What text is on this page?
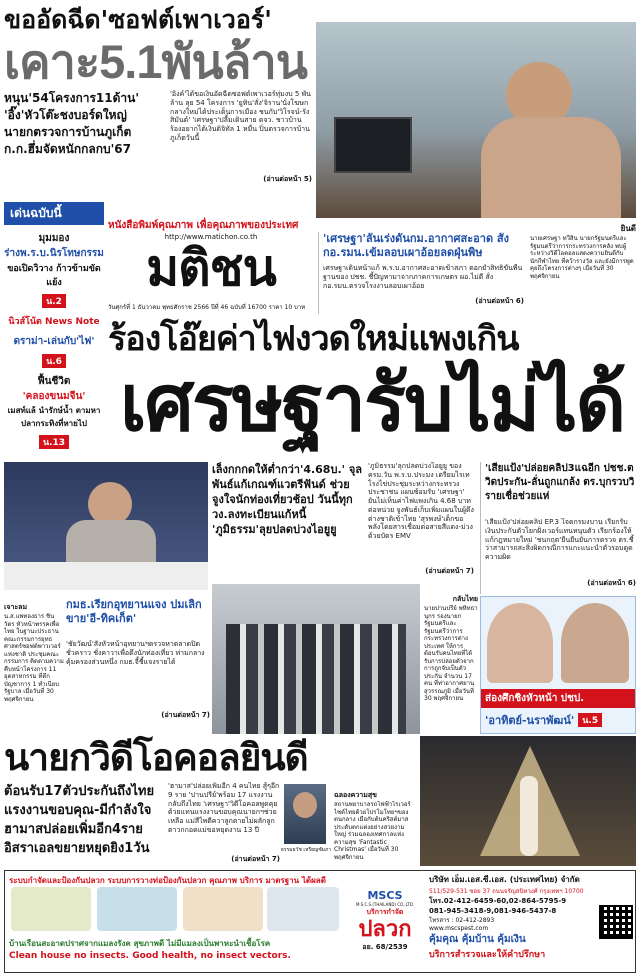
ขออัดฉีด'ซอฟต์เพาเวอร์'
เคาะ5.1พันล้าน
หนุน'54โครงการ11ด้าน'
'อิ๊ง'หัวโต๊ะชงบอร์ดใหญ่
นายกตรวจการบ้านภูเก็ต
ก.ก.ฮึ่มจัดหนักกลกบ'67
'อิ๊งค์'ได้ขอเงินอัดฉีดซอฟต์เพาเวอร์ทุ่มงบ 5 พันล้าน ลุย 54 โครงการ 'ยูทิน'สั่ง'จิราน'นั่งโฆษก กลางใหม่ได้ประเด็นการเมือง ชนกับ'วิโรจน์-รังสิมันต์' 'เศรษฐา'ปลื้มเดินสาย ตจว. ชาวบ้าน ร้องอยากได้เงินดิจิทัล 1 หมื่น ปิ่นตรวจการบ้าน ภูเก็ตวันนี้
(อ่านต่อหน้า 5)
เด่นฉบับนี้
มุมมอง
ร่างพ.ร.บ.นิรโทษกรรม
ขอเปิดวิวาง ก้าวข้ามขัดแย้ง
น.2
นิวส์โน้ต News Note
ดราม่า-เล่นกับ'ไฟ'
น.6
ฟื้นชีวิต
'คลองขนมจีน'
เมสท์แล้ นำรักษ์น้ำ ตามหาปลากระทิงที่หายไป
น.13
หนังสือพิมพ์คุณภาพ เพื่อคุณภาพของประเทศ
http://www.matichon.co.th
มติชน
วันศุกร์ที่ 1 ธันวาคม พุทธศักราช 2566 ปีที่ 46 ฉบับที่ 16700 ราคา 10 บาท
'เศรษฐา'ลั่นเร่งดันกม.อากาศสะอาด สั่งกอ.รมน.เข้มลอบเผาอ้อยลดฝุ่นพิษ
เศรษฐาเดินหน้าแก้ พ.ร.บ.อากาศสะอาดเข้าสภา ตอกย้ำสิทธิขั้นพื้นฐานของ ปชช. ชี้ปัญหามาจากภาคการเกษตร ผอ.ไม่ดี สั่ง กอ.รมน.ตรวจโรงงานลอบเผาอ้อย
(อ่านต่อหน้า 6)
ยินดี
นายเศรษฐา ทวีสิน นายกรัฐมนตรีและรัฐมนตรีว่าการกระทรวงการคลัง พบผู้ระหว่างวิดีโอคอลแสดงความยินดีกับนักกีฬาไทย ที่คว้ารางวัล และยังมีการพูดคุยถึงโครงการต่างๆ เมื่อวันที่ 30 พฤศจิกายน
ร้องโอ๊ยค่าไฟงวดใหม่แพงเกิน
เศรษฐารับไม่ได้
เล็งกกกดให้ต่ำกว่า'4.68บ.' จุลพันธ์แก้เกณฑ์แวตรีฟันด์ ช่วยจูงใจนักท่องเที่ยวช้อป วันนี้ทุกวง.ลงทะเบียนแก้หนี้ 'ภูมิธรรม'ลุยปลดบ่วงไอยูยู
'ภูมิธรรม'ลุกปลดบ่วงไอยูยู ของ ครม.วัน พ.ร.บ.ประมง เตรียมไรเทโรงไข่ประชุมระหว่างกระทรวงประชาชน แผนซ้อมรับ 'เศรษฐา' ยันไม่เห็นค่าไฟแพงเกิน 4.68 บาทต่อหน่วย จูงพันธ์เก็บเพิ่มแผนในผู้ดึงต่างชาติเข้าไทย 'สุรพงษ์'เด็กขอพลังโดยสารเชื่อมต่อสายสีแดง-ม่วงด้วยบัตร EMV
(อ่านต่อหน้า 7)
'เสี่ยแป้ง'ปล่อยคลิป3แฉอีก ปชช.ตวิดประกัน-ลั่นถูกแกล้ง ตร.บุกรวบวิรายเชื่อช่วยแห่
'เสี่ยแป้ง'ปล่อยคลิป EP.3 โจดกรมงบาน เรียกรับเงินประกันตัวโยกฝั่งเวอร์แทนหนุนตัว เรียกร้องให้แก้กฎหมายใหม่ 'ชนกฤต'ยืนยืนยันการตรวจ ตร.ชี้ว่าสามารถสะสิ่งผิดกรณีการแกะแนะนำตัวรอบดูดความผิด
(อ่านต่อหน้า 6)
เจาะลม
น.ส.แพทองธาร ชินวัตร หัวหน้าพรรคเพื่อไทย ในฐานะประธานคณะกรรมการยุทธศาสตร์ซอฟต์พาวเวอร์แห่งชาติ ประชุมคณะกรรมการ ติดตามความคืบหน้าโครงการ 11 อุตสาหกรรม ที่ตึกบัญชาการ 1 ทำเนียบรัฐบาล เมื่อวันที่ 30 พฤศจิกายน
กมธ.เรียกอุทยานแจง ปมเลิกขาย'อี-ทิคเก็ต'
'ชัยวัฒน์'สั่งหัวหน้าอุทยานฯตรวจหาตลาดปิดชั่วคราว ชั่งคาวาเพื่อดึงนักท่องเที่ยว ท่ามกลางคุ้มครองส่วนหนึ่ง กมธ.จี้ชี้แจงรายได้
(อ่านต่อหน้า 7)
กลับไทย
นายปานปรีย์ พหิทธานุกร รองนายกรัฐมนตรีและรัฐมนตรีว่าการกระทรวงการต่างประเทศ ให้การต้อนรับคนไทยที่ได้รับการปล่อยตัวจากการถูกจับเป็นตัวประกัน จำนวน 17 คน ที่ท่าอากาศยานสุวรรณภูมิ เมื่อวันที่ 30 พฤศจิกายน	ส่องศึกชิงหัวหน้า ปชป.
'อาทิตย์-นราพัฒน์' น.5
นายกวิดีโอคอลยินดี
ต้อนรับ17ตัวประกันถึงไทย แรงงานขอบคุณ-มีกำลังใจ ฮามาสปล่อยเพิ่มอีก4ราย อิสราเอลขยายหยุดยิง1วัน
'ฮามาส'ปล่อยเพิ่มอีก 4 คนไทย สู้ๆอีก 9 ราย 'ปานปรีย์'พร้อม 17 แรงงานกลับถึงไทย 'เศรษฐา'วิดีโอคอลพูดคุยด้วยแทนแรงงานขอบคุณนายกฯช่วยเหลือ แม่สีไพดีควาลูกตายไม่ผลักลูกตาวกกอดแม่ขอหยุดงาน 13 ปี
(อ่านต่อหน้า 7)
ธรรมธวัช เหรียญซัมภา
ฉลองความสุข
สถานพยาบาลรถไฟฟ้าไรเวอร์ไซด์ไทยด้วยโปรโมโทยฯของตนกลาง เมือกับต้นคริสต์มาส ประดับตกแต่งอย่างสวยงามใหญ่ ร่วมฉลองเทศกาลแห่งความสุข 'Fantastic Christmas' เมื่อวันที่ 30 พฤศจิกายน
ระบบกำจัดและป้องกันปลวก ระบบการวางท่อป้องกันปลวก คุณภาพ บริการ มาตรฐาน ได้ผลดี
บ้านเรือนสะอาดปราศจากแมลงรังค สุขภาพดี ไม่มีแมลงเป็นพาหะนำเชื้อโรค
Clean house no insects. Good health, no insect vectors.
MSCS
M.S.C.S.(THAILAND) CO.,LTD.
บริการกำจัด
ปลวก
อย. 68/2539
บริษัท เอ็ม.เอส.ซี.เอส. (ประเทศไทย) จำกัด
511/529-531 ซอย 37 ถนนจรัญสนิทวงศ์ กรุงเทพฯ 10700
โทร.02-412-6459-60,02-864-5795-9
081-945-3418-9,081-946-5437-8
โทรสาร : 02-412-2893
www.mscspest.com
คุ้มคุณ คุ้มบ้าน คุ้มเงิน
บริการสำรวจและให้คำปรึกษา
